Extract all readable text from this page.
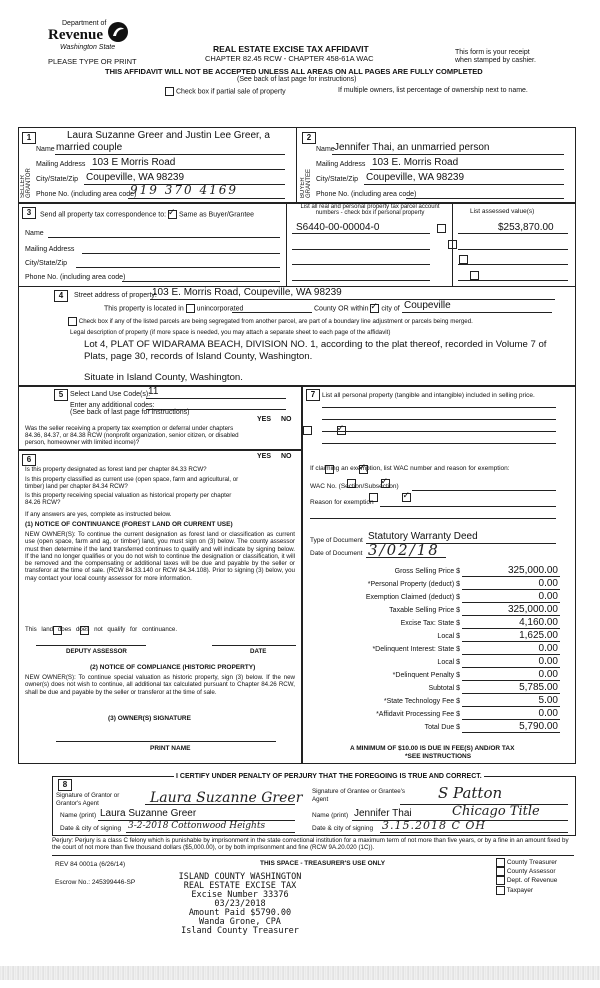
Department of
Revenue
Washington State
PLEASE TYPE OR PRINT
REAL ESTATE EXCISE TAX AFFIDAVIT
CHAPTER 82.45 RCW - CHAPTER 458-61A WAC
This form is your receipt
when stamped by cashier.
THIS AFFIDAVIT WILL NOT BE ACCEPTED UNLESS ALL AREAS ON ALL PAGES ARE FULLY COMPLETED
(See back of last page for instructions)
Check box if partial sale of property	If multiple owners, list percentage of ownership next to name.
1	2
SELLER GRANTOR	BUYER GRANTEE
Laura Suzanne Greer and Justin Lee Greer, a
Name married couple
Mailing Address 103 E Morris Road
City/State/Zip Coupeville, WA 98239
Phone No. (including area code)
919 370 4169
Name Jennifer Thai, an unmarried person
Mailing Address 103 E. Morris Road
City/State/Zip Coupeville, WA 98239
Phone No. (including area code)
3	Send all property tax correspondence to: ✓ Same as Buyer/Grantee
List all real and personal property tax parcel account numbers - check box if personal property	List assessed value(s)
Name
Mailing Address
City/State/Zip
Phone No. (including area code)
S6440-00-00004-0	$253,870.00

4	Street address of property:
103 E. Morris Road, Coupeville, WA 98239
This property is located in unincorporated	County OR within ✓ city of Coupeville
Check box if any of the listed parcels are being segregated from another parcel, are part of a boundary line adjustment or parcels being merged.
Legal description of property (if more space is needed, you may attach a separate sheet to each page of the affidavit)
Lot 4, PLAT OF WIDARAMA BEACH, DIVISION NO. 1, according to the plat thereof, recorded in Volume 7 of
Plats, page 30, records of Island County, Washington.
Situate in Island County, Washington.
5 Select Land Use Code(s):
11
Enter any additional codes:
(See back of last page for instructions)
YES NO
Was the seller receiving a property tax exemption or deferral under chapters 84.36, 84.37, or 84.38 RCW (nonprofit organization, senior citizen, or disabled person, homeowner with limited income)?
✓
6	YES NO
Is this property designated as forest land per chapter 84.33 RCW?
✓
Is this property classified as current use (open space, farm and agricultural, or timber) land per chapter 84.34 RCW?
✓
Is this property receiving special valuation as historical property per chapter 84.26 RCW?
✓
If any answers are yes, complete as instructed below.
(1) NOTICE OF CONTINUANCE (FOREST LAND OR CURRENT USE)
NEW OWNER(S): To continue the current designation as forest land or classification as current use (open space, farm and ag, or timber) land, you must sign on (3) below. The county assessor must then determine if the land transferred continues to qualify and will indicate by signing below. If the land no longer qualifies or you do not wish to continue the designation or classification, it will be removed and the compensating or additional taxes will be due and payable by the seller or transferor at the time of sale. (RCW 84.33.140 or RCW 84.34.108). Prior to signing (3) below, you may contact your local county assessor for more information.

This land does does not qualify for continuance.
DEPUTY ASSESSOR	DATE
(2) NOTICE OF COMPLIANCE (HISTORIC PROPERTY)
NEW OWNER(S): To continue special valuation as historic property, sign (3) below. If the new owner(s) does not wish to continue, all additional tax calculated pursuant to Chapter 84.26 RCW, shall be due and payable by the seller or transferor at the time of sale.
(3) OWNER(S) SIGNATURE
PRINT NAME
7	List all personal property (tangible and intangible) included in selling price.
If claiming an exemption, list WAC number and reason for exemption:
WAC No. (Section/Subsection)
Reason for exemption
Type of Document Statutory Warranty Deed
Date of Document 3/02/18
Gross Selling Price $	325,000.00
*Personal Property (deduct) $	0.00
Exemption Claimed (deduct) $	0.00
Taxable Selling Price $	325,000.00
Excise Tax: State $	4,160.00
Local $	1,625.00
*Delinquent Interest: State $	0.00
Local $	0.00
*Delinquent Penalty $	0.00
Subtotal $	5,785.00
*State Technology Fee $	5.00
*Affidavit Processing Fee $	0.00
Total Due $	5,790.00
A MINIMUM OF $10.00 IS DUE IN FEE(S) AND/OR TAX
*SEE INSTRUCTIONS
8
I CERTIFY UNDER PENALTY OF PERJURY THAT THE FOREGOING IS TRUE AND CORRECT.
Signature of Grantor or Grantor's Agent	Laura Suzanne Greer
Name (print) Laura Suzanne Greer
Date & city of signing 3-2-2018 Cottonwood Heights
Signature of Grantee or Grantee's Agent	S Patton
Name (print) Jennifer Thai	Chicago Title
Date & city of signing 3.15.2018 C OH
Perjury: Perjury is a class C felony which is punishable by imprisonment in the state correctional institution for a maximum term of not more than five years, or by a fine in an amount fixed by the court of not more than five thousand dollars ($5,000.00), or by both imprisonment and fine (RCW 9A.20.020 (1C)).
REV 84 0001a (6/26/14)	THIS SPACE - TREASURER'S USE ONLY
Escrow No.: 245399446-SP
County Treasurer
County Assessor
Dept. of Revenue
Taxpayer
ISLAND COUNTY WASHINGTON
REAL ESTATE EXCISE TAX
Excise Number 33376
03/23/2018
Amount Paid $5790.00
Wanda Grone, CPA
Island County Treasurer
